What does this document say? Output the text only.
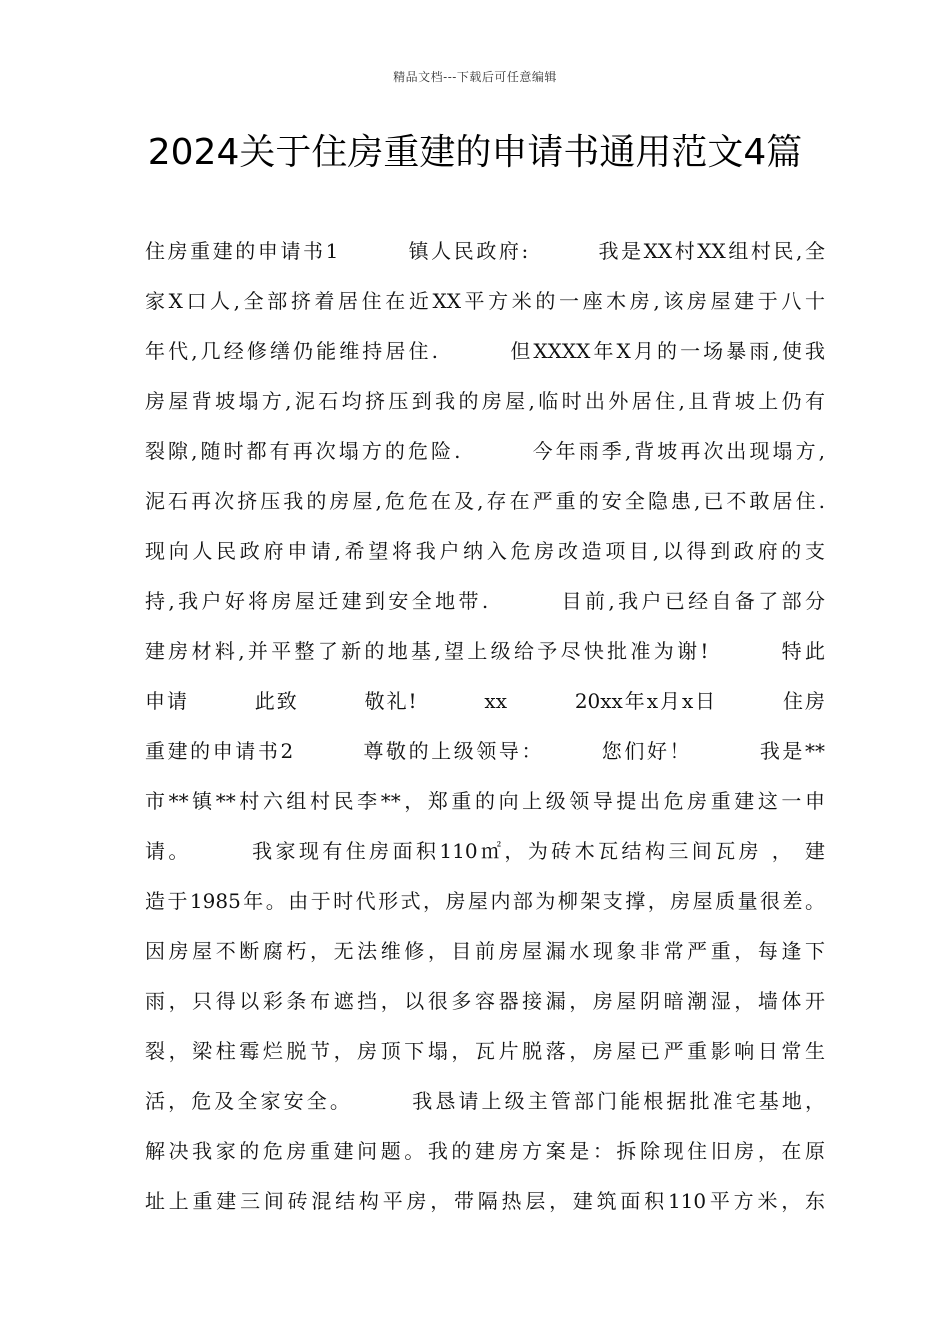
精品文档---下载后可任意编辑
2024关于住房重建的申请书通用范文4篇
住房重建的申请书1　　　镇人民政府:　　　我是XX村XX组村民,全
家X口人,全部挤着居住在近XX平方米的一座木房,该房屋建于八十
年代,几经修缮仍能维持居住.　　　但XXXX年X月的一场暴雨,使我
房屋背坡塌方,泥石均挤压到我的房屋,临时出外居住,且背坡上仍有
裂隙,随时都有再次塌方的危险.　　　今年雨季,背坡再次出现塌方,
泥石再次挤压我的房屋,危危在及,存在严重的安全隐患,已不敢居住.
现向人民政府申请,希望将我户纳入危房改造项目,以得到政府的支
持,我户好将房屋迁建到安全地带.　　　目前,我户已经自备了部分
建房材料,并平整了新的地基,望上级给予尽快批准为谢!　　　特此
申请　　　此致　　　敬礼!　　　xx　　　20xx年x月x日　　　住房
重建的申请书2　　　尊敬的上级领导：　　　您们好！　　　我是**
市**镇**村六组村民李**，郑重的向上级领导提出危房重建这一申
请。　　　我家现有住房面积110㎡，为砖木瓦结构三间瓦房 ， 建
造于1985年。由于时代形式，房屋内部为柳架支撑，房屋质量很差。
因房屋不断腐朽，无法维修，目前房屋漏水现象非常严重，每逢下
雨，只得以彩条布遮挡，以很多容器接漏，房屋阴暗潮湿，墙体开
裂，梁柱霉烂脱节，房顶下塌，瓦片脱落，房屋已严重影响日常生
活，危及全家安全。　　　我恳请上级主管部门能根据批准宅基地，
解决我家的危房重建问题。我的建房方案是：拆除现住旧房，在原
址上重建三间砖混结构平房，带隔热层，建筑面积110平方米，东
